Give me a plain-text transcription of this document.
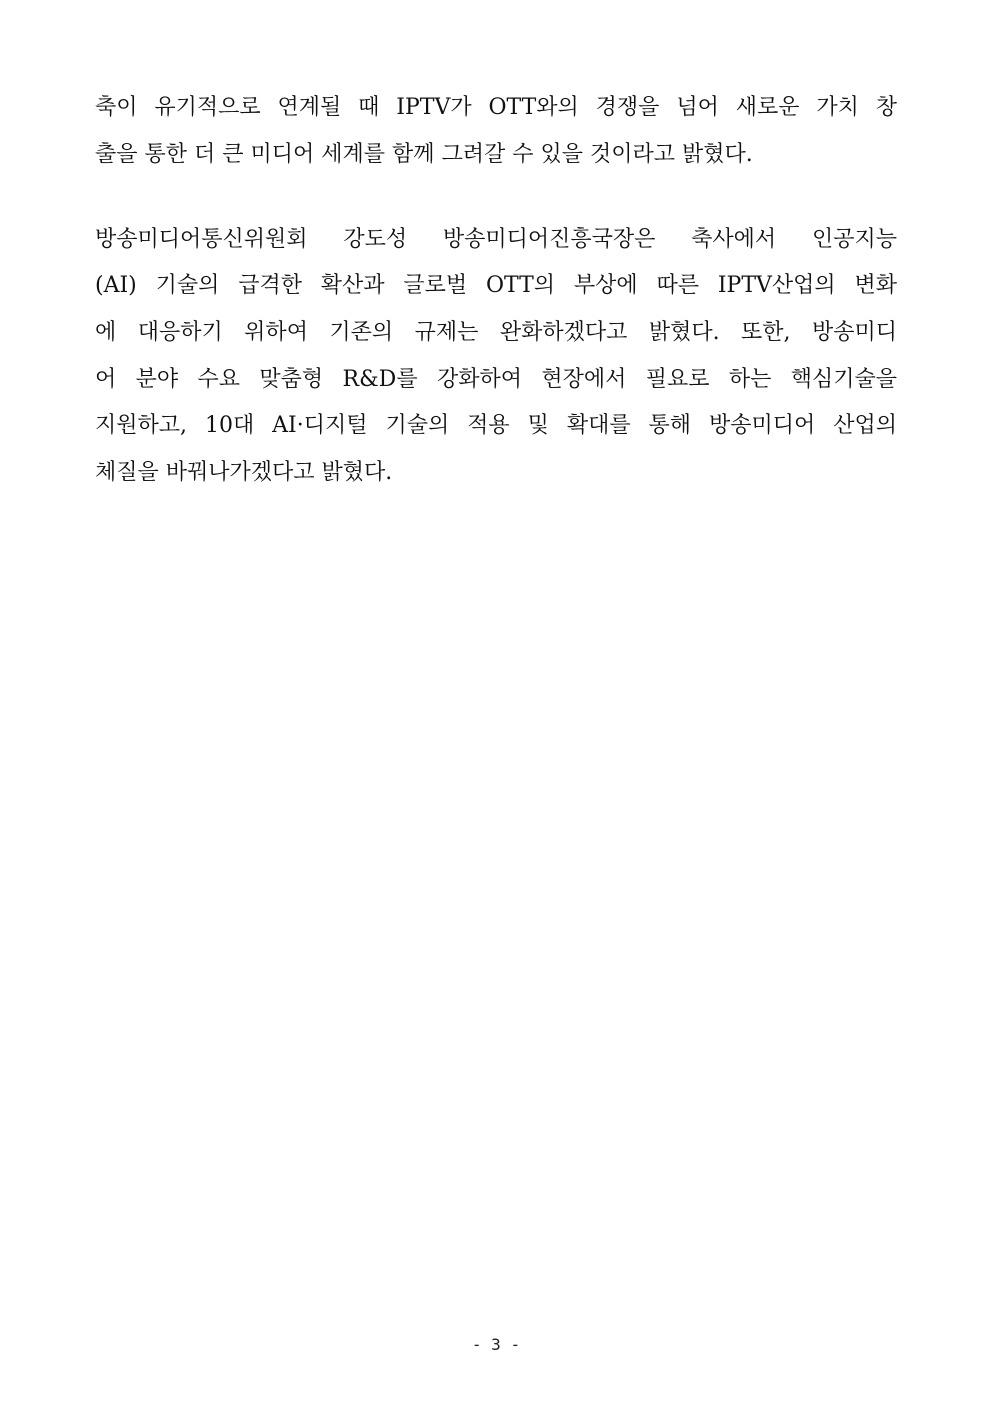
축이 유기적으로 연계될 때 IPTV가 OTT와의 경쟁을 넘어 새로운 가치 창
출을 통한 더 큰 미디어 세계를 함께 그려갈 수 있을 것이라고 밝혔다.
방송미디어통신위원회 강도성 방송미디어진흥국장은 축사에서 인공지능
(AI) 기술의 급격한 확산과 글로벌 OTT의 부상에 따른 IPTV산업의 변화
에 대응하기 위하여 기존의 규제는 완화하겠다고 밝혔다. 또한, 방송미디
어 분야 수요 맞춤형 R&D를 강화하여 현장에서 필요로 하는 핵심기술을
지원하고, 10대 AI·디지털 기술의 적용 및 확대를 통해 방송미디어 산업의
체질을 바꿔나가겠다고 밝혔다.
- 3 -
